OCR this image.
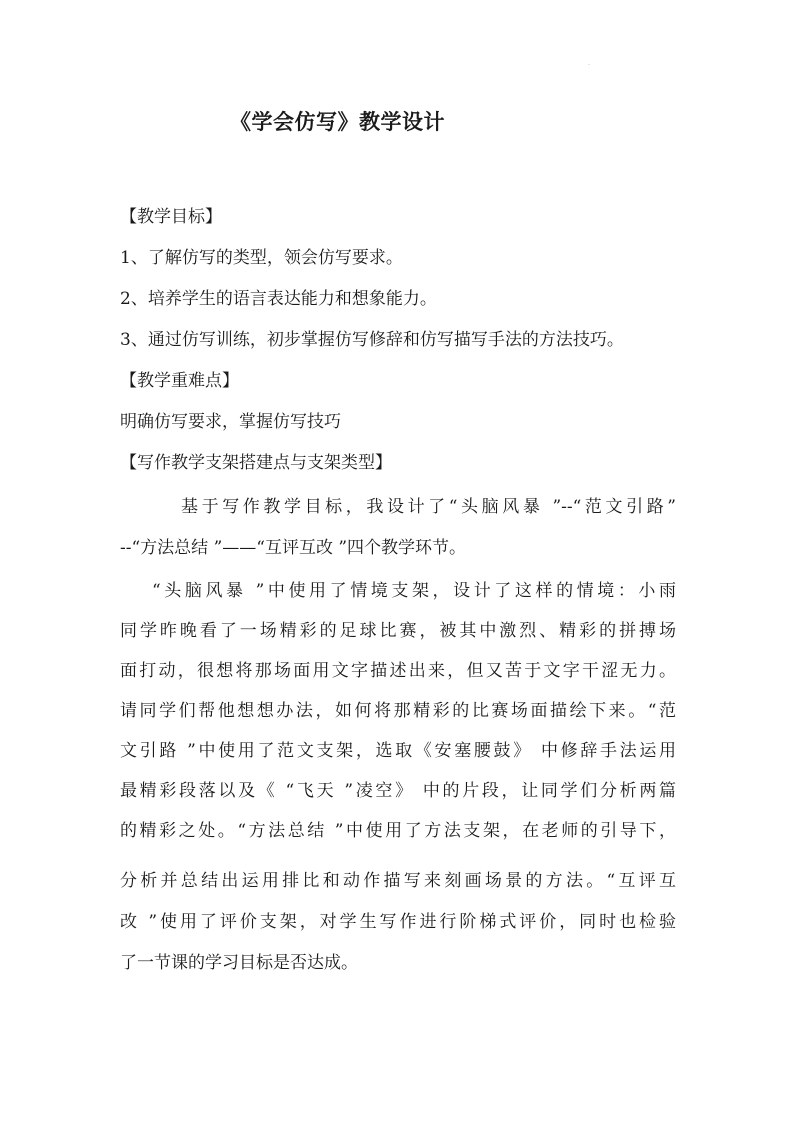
.
《学会仿写》教学设计
【教学目标】
1、了解仿写的类型，领会仿写要求。
2、培养学生的语言表达能力和想象能力。
3、通过仿写训练，初步掌握仿写修辞和仿写描写手法的方法技巧。
【教学重难点】
明确仿写要求，掌握仿写技巧
【写作教学支架搭建点与支架类型】
基于写作教学目标，我设计了“头脑风暴 ”--“范文引路”
--“方法总结 ”——“互评互改 ”四个教学环节。
“头脑风暴 ”中使用了情境支架，设计了这样的情境：小雨
同学昨晚看了一场精彩的足球比赛，被其中激烈、精彩的拼搏场
面打动，很想将那场面用文字描述出来，但又苦于文字干涩无力。
请同学们帮他想想办法，如何将那精彩的比赛场面描绘下来。“范
文引路 ”中使用了范文支架，选取《安塞腰鼓》 中修辞手法运用
最精彩段落以及《 “飞天 ”凌空》 中的片段，让同学们分析两篇
的精彩之处。“方法总结 ”中使用了方法支架，在老师的引导下，
分析并总结出运用排比和动作描写来刻画场景的方法。“互评互
改 ”使用了评价支架，对学生写作进行阶梯式评价，同时也检验
了一节课的学习目标是否达成。
